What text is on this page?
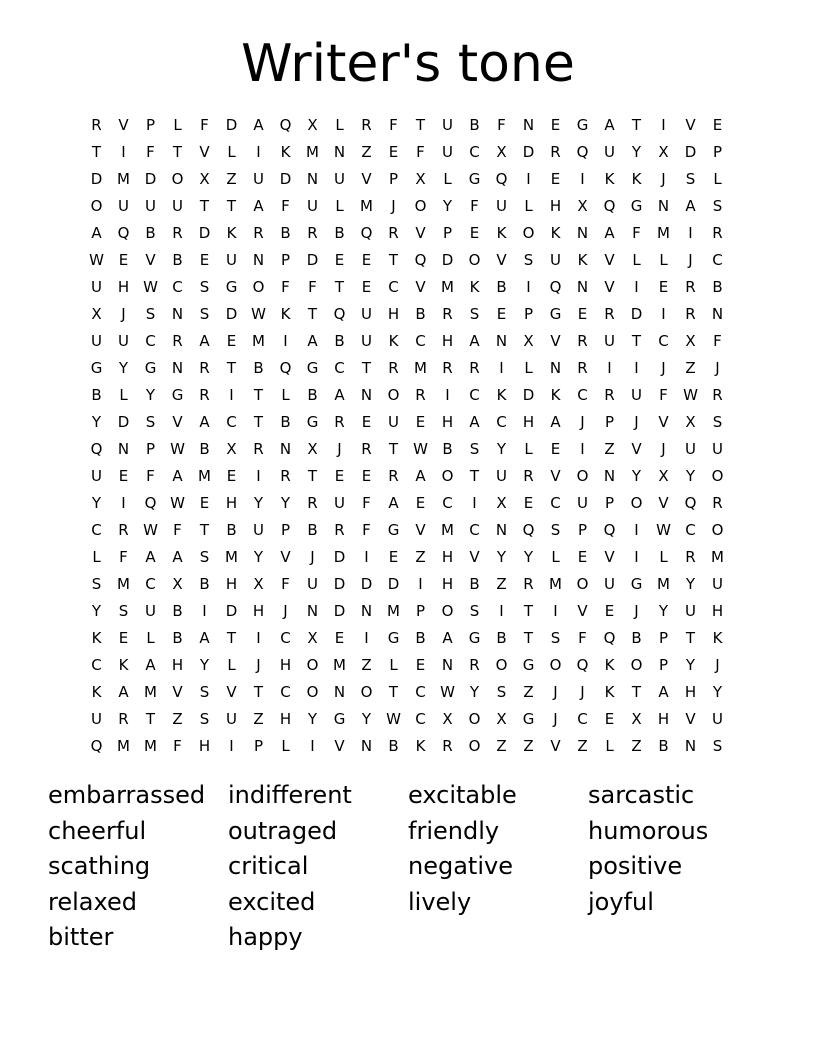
Writer's tone
R	V	P	L	F	D	A	Q	X	L	R	F	T	U	B	F	N	E	G	A	T	I	V	E
T	I	F	T	V	L	I	K	M N	Z	E	F	U	C	X	D	R	Q	U	Y	X	D	P
D M D	O	X	Z	U	D	N	U	V	P	X	L	G	Q	I	E	I	K	K	J	S	L
O	U	U	U	T	T	A	F	U	L	M	J	O	Y	F	U	L	H	X	Q	G	N	A	S
A	Q	B	R	D	K	R	B	R	B	Q	R	V	P	E	K	O	K	N	A	F	M	I	R
W E	V	B	E	U	N	P	D	E	E	T	Q	D	O	V	S	U	K	V	L	L	J	C
U	H W C	S	G	O	F	F	T	E	C	V	M	K	B	I	Q	N	V	I	E	R	B
X	J	S	N	S	D W K	T	Q	U	H	B	R	S	E	P	G	E	R	D	I	R	N
U	U	C	R	A	E	M	I	A	B	U	K	C	H	A	N	X	V	R	U	T	C	X	F
G	Y	G	N	R	T	B	Q	G	C	T	R	M	R	R	I	L	N	R	I	I	J	Z	J
B	L	Y	G	R	I	T	L	B	A	N	O	R	I	C	K	D	K	C	R	U	F	W R
Y	D	S	V	A	C	T	B	G	R	E	U	E	H	A	C	H	A	J	P	J	V	X	S
Q	N	P	W B	X	R	N	X	J	R	T	W B	S	Y	L	E	I	Z	V	J	U	U
U	E	F	A	M	E	I	R	T	E	E	R	A	O	T	U	R	V	O	N	Y	X	Y	O
Y	I	Q W E	H	Y	Y	R	U	F	A	E	C	I	X	E	C	U	P	O	V	Q	R
C	R W	F	T	B	U	P	B	R	F	G	V	M	C	N	Q	S	P	Q	I	W C	O
L	F	A	A	S	M	Y	V	J	D	I	E	Z	H	V	Y	Y	L	E	V	I	L	R	M
S	M	C	X	B	H	X	F	U	D	D	D	I	H	B	Z	R	M O	U	G M	Y	U
Y	S	U	B	I	D	H	J	N	D	N M	P	O	S	I	T	I	V	E	J	Y	U	H
K	E	L	B	A	T	I	C	X	E	I	G	B	A	G	B	T	S	F	Q	B	P	T	K
C	K	A	H	Y	L	J	H	O M	Z	L	E	N	R	O	G	O	Q	K	O	P	Y	J
K	A	M	V	S	V	T	C	O	N	O	T	C W Y	S	Z	J	J	K	T	A	H	Y
U	R	T	Z	S	U	Z	H	Y	G	Y	W C	X	O	X	G	J	C	E	X	H	V	U
Q M M	F	H	I	P	L	I	V	N	B	K	R	O	Z	Z	V	Z	L	Z	B	N	S
embarrassed indifferent	excitable	sarcastic
cheerful	outraged	friendly	humorous
scathing	critical	negative	positive
relaxed	excited	lively	joyful
bitter	happy
